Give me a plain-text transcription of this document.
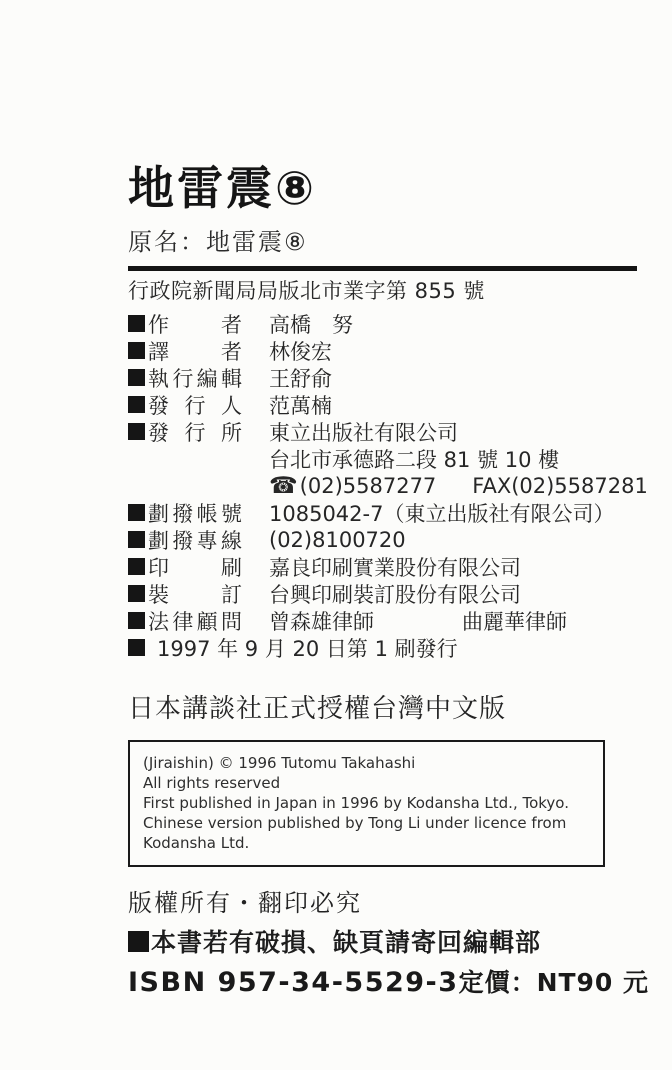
地雷震⑧
原名：地雷震⑧
行政院新聞局局版北市業字第 855 號
作者 高橋　努
譯者 林俊宏
執行編輯 王舒俞
發行人 范萬楠
發行所 東立出版社有限公司
台北市承德路二段 81 號 10 樓
☎ (02)5587277 FAX(02)5587281
劃撥帳號 1085042-7（東立出版社有限公司）
劃撥專線 (02)8100720
印刷 嘉良印刷實業股份有限公司
裝訂 台興印刷裝訂股份有限公司
法律顧問 曾森雄律師	曲麗華律師
1997 年 9 月 20 日第 1 刷發行
日本講談社正式授權台灣中文版
(Jiraishin) © 1996 Tutomu Takahashi
All rights reserved
First published in Japan in 1996 by Kodansha Ltd., Tokyo.
Chinese version published by Tong Li under licence from Kodansha Ltd.
版權所有・翻印必究
本書若有破損、缺頁請寄回編輯部
ISBN 957-34-5529-3 定價：NT90 元
